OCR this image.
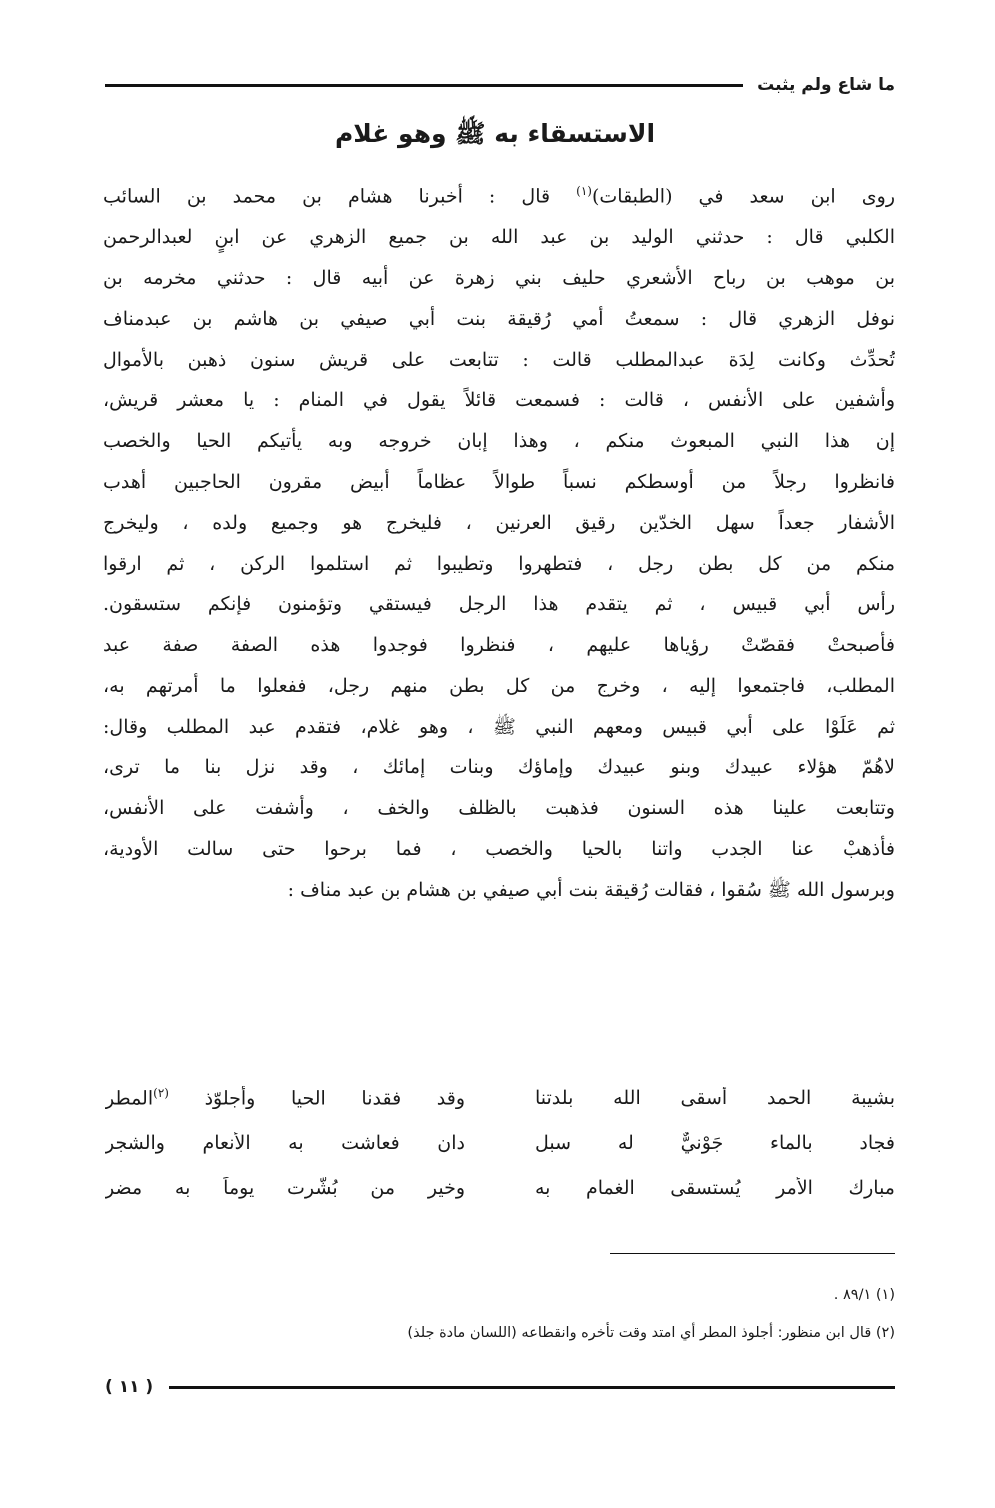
ما شاع ولم يثبت
الاستسقاء به ﷺ وهو غلام
روى ابن سعد في (الطبقات)$^{(١)}$ قال : أخبرنا هشام بن محمد بن السائب
الكلبي قال : حدثني الوليد بن عبد الله بن جميع الزهري عن ابنٍ لعبدالرحمن
بن موهب بن رباح الأشعري حليف بني زهرة عن أبيه قال : حدثني مخرمه بن
نوفل الزهري قال : سمعتُ أمي رُقيقة بنت أبي صيفي بن هاشم بن عبدمناف
تُحدِّث وكانت لِدَة عبدالمطلب قالت : تتابعت على قريش سنون ذهبن بالأموال
وأشفين على الأنفس ، قالت : فسمعت قائلاً يقول في المنام : يا معشر قريش،
إن هذا النبي المبعوث منكم ، وهذا إبان خروجه وبه يأتيكم الحيا والخصب
فانظروا رجلاً من أوسطكم نسباً طوالاً عظاماً أبيض مقرون الحاجبين أهدب
الأشفار جعداً سهل الخدّين رقيق العرنين ، فليخرج هو وجميع ولده ، وليخرج
منكم من كل بطن رجل ، فتطهروا وتطيبوا ثم استلموا الركن ، ثم ارقوا
رأس أبي قبيس ، ثم يتقدم هذا الرجل فيستقي وتؤمنون فإنكم ستسقون.
فأصبحتْ فقصّتْ رؤياها عليهم ، فنظروا فوجدوا هذه الصفة صفة عبد
المطلب، فاجتمعوا إليه ، وخرج من كل بطن منهم رجل، ففعلوا ما أمرتهم به،
ثم عَلَوْا على أبي قبيس ومعهم النبي ﷺ ، وهو غلام، فتقدم عبد المطلب وقال:
لاهُمّ هؤلاء عبيدك وبنو عبيدك وإماؤك وبنات إمائك ، وقد نزل بنا ما ترى،
وتتابعت علينا هذه السنون فذهبت بالظلف والخف ، وأشفت على الأنفس،
فأذهبْ عنا الجدب واتنا بالحيا والخصب ، فما برحوا حتى سالت الأودية،
وبرسول الله ﷺ سُقوا ، فقالت رُقيقة بنت أبي صيفي بن هشام بن عبد مناف :
بشيبة الحمد أسقى الله بلدتنا
وقد فقدنا الحيا وأجلوّذ $^{(٢)}$المطر
فجاد بالماء جَوْنيٌّ له سبل
دان فعاشت به الأنعام والشجر
مبارك الأمر يُستسقى الغمام به
وخير من بُشّرت يوماً به مضر
(١) ٨٩/١ .
(٢) قال ابن منظور: أجلوذ المطر أي امتد وقت تأخره وانقطاعه (اللسان مادة جلذ)
( ١١ )
